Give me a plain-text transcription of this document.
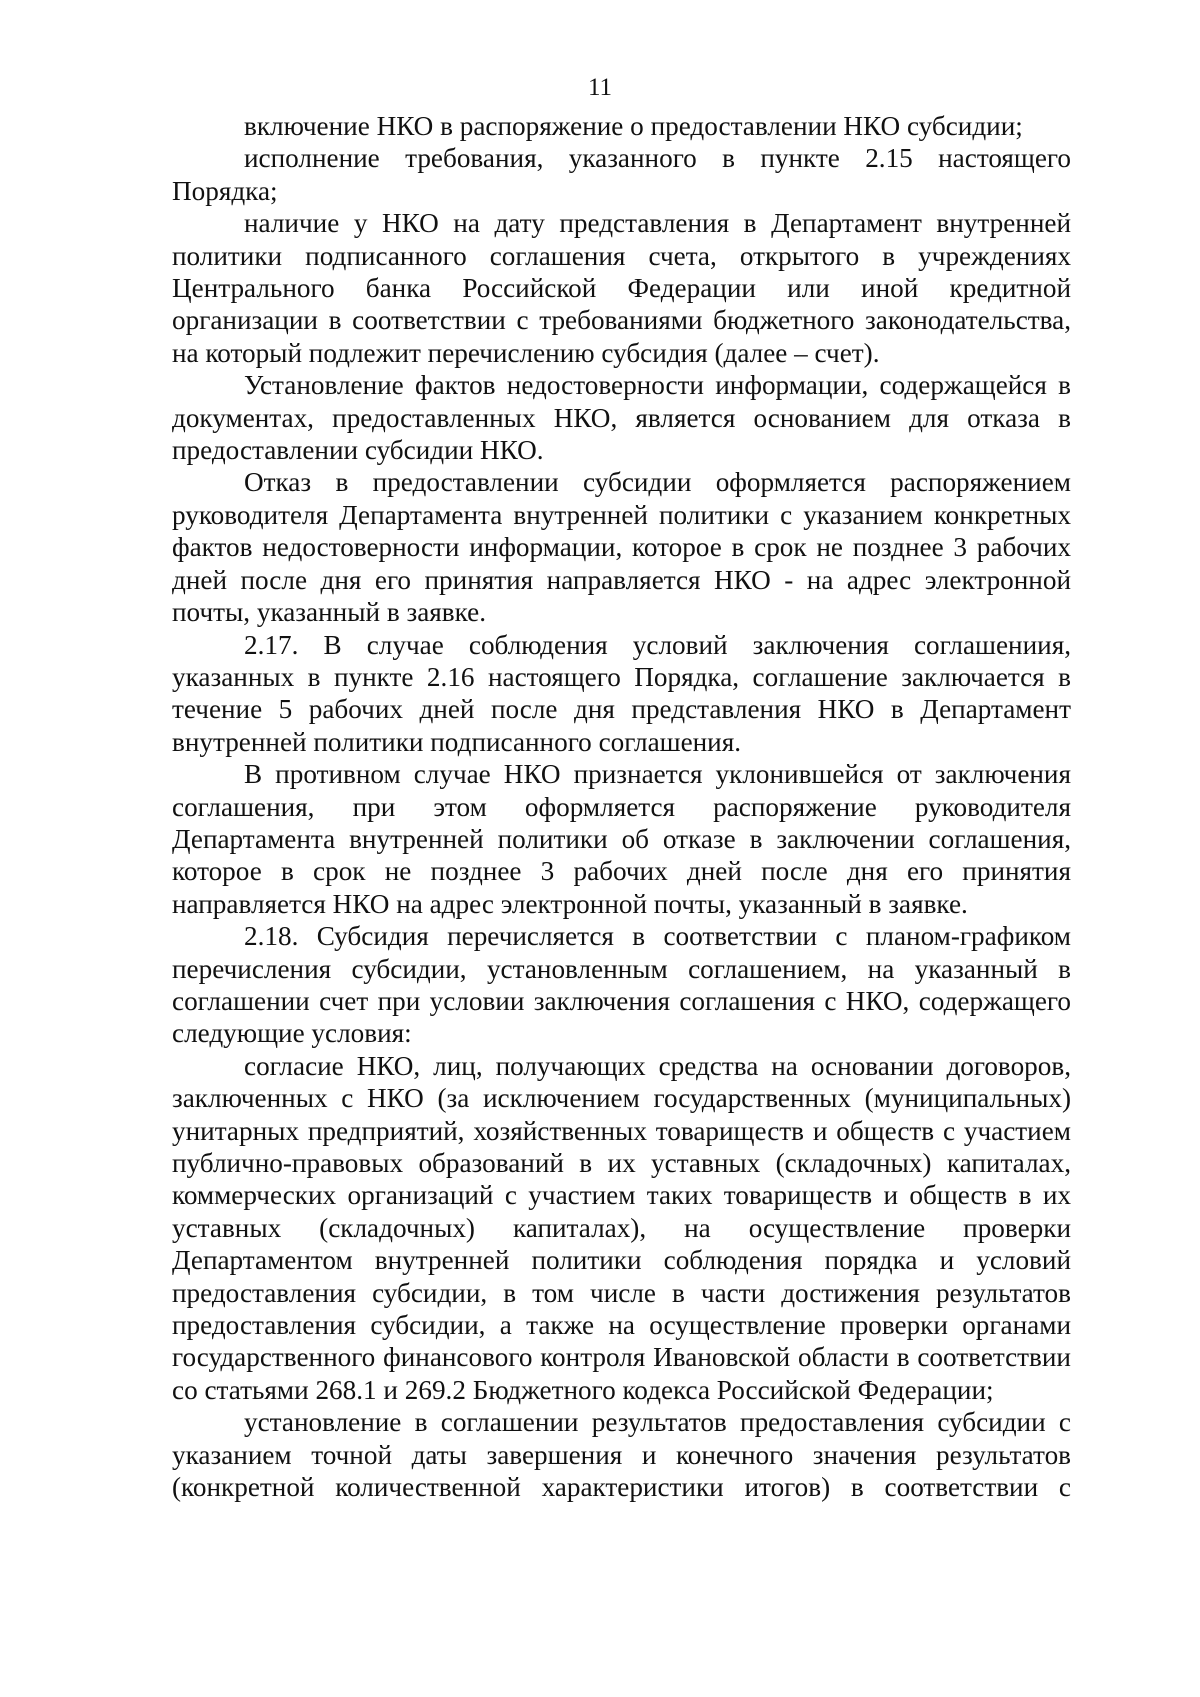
11

включение НКО в распоряжение о предоставлении НКО субсидии;

исполнение требования, указанного в пункте 2.15 настоящего Порядка;

наличие у НКО на дату представления в Департамент внутренней политики подписанного соглашения счета, открытого в учреждениях Центрального банка Российской Федерации или иной кредитной организации в соответствии с требованиями бюджетного законодательства, на который подлежит перечислению субсидия (далее – счет).

Установление фактов недостоверности информации, содержащейся в документах, предоставленных НКО, является основанием для отказа в предоставлении субсидии НКО.

Отказ в предоставлении субсидии оформляется распоряжением руководителя Департамента внутренней политики с указанием конкретных фактов недостоверности информации, которое в срок не позднее 3 рабочих дней после дня его принятия направляется НКО - на адрес электронной почты, указанный в заявке.

2.17. В случае соблюдения условий заключения соглашениия, указанных в пункте 2.16 настоящего Порядка, соглашение заключается в течение 5 рабочих дней после дня представления НКО в Департамент внутренней политики подписанного соглашения.

В противном случае НКО признается уклонившейся от заключения соглашения, при этом оформляется распоряжение руководителя Департамента внутренней политики об отказе в заключении соглашения, которое в срок не позднее 3 рабочих дней после дня его принятия направляется НКО на адрес электронной почты, указанный в заявке.

2.18. Субсидия перечисляется в соответствии с планом-графиком перечисления субсидии, установленным соглашением, на указанный в соглашении счет при условии заключения соглашения с НКО, содержащего следующие условия:

согласие НКО, лиц, получающих средства на основании договоров, заключенных с НКО (за исключением государственных (муниципальных) унитарных предприятий, хозяйственных товариществ и обществ с участием публично-правовых образований в их уставных (складочных) капиталах, коммерческих организаций с участием таких товариществ и обществ в их уставных (складочных) капиталах), на осуществление проверки Департаментом внутренней политики соблюдения порядка и условий предоставления субсидии, в том числе в части достижения результатов предоставления субсидии, а также на осуществление проверки органами государственного финансового контроля Ивановской области в соответствии со статьями 268.1 и 269.2 Бюджетного кодекса Российской Федерации;

установление в соглашении результатов предоставления субсидии с указанием точной даты завершения и конечного значения результатов (конкретной количественной характеристики итогов) в соответствии с
